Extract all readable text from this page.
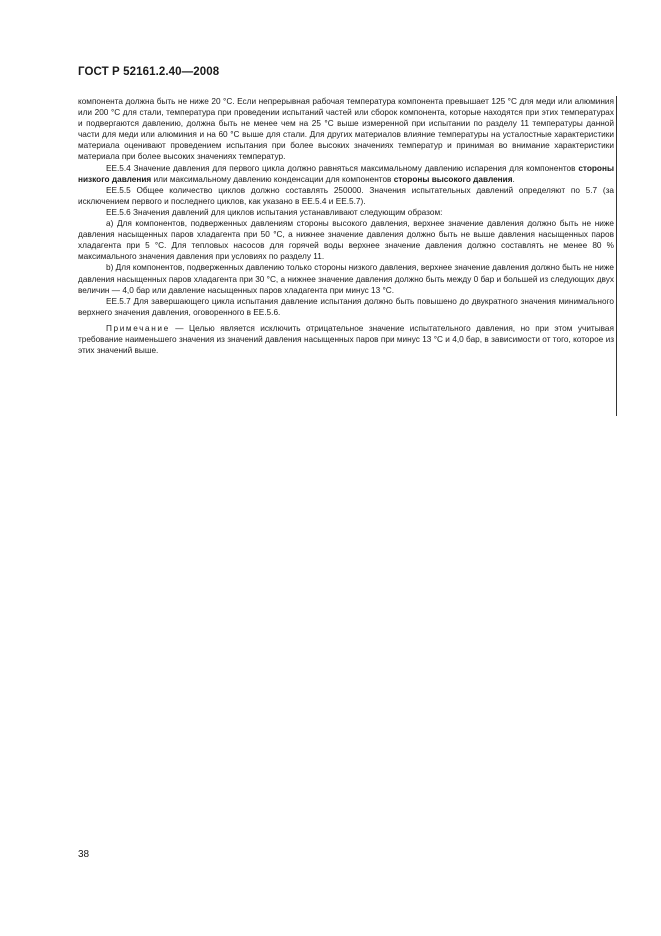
ГОСТ Р 52161.2.40—2008

компонента должна быть не ниже 20 °С. Если непрерывная рабочая температура компонента превышает 125 °С для меди или алюминия или 200 °С для стали, температура при проведении испытаний частей или сборок компонента, которые находятся при этих температурах и подвергаются давлению, должна быть не менее чем на 25 °С выше измеренной при испытании по разделу 11 температуры данной части для меди или алюминия и на 60 °С выше для стали. Для других материалов влияние температуры на усталостные характеристики материала оценивают проведением испытания при более высоких значениях температур и принимая во внимание характеристики материала при более высоких значениях температур.

ЕЕ.5.4 Значение давления для первого цикла должно равняться максимальному давлению испарения для компонентов стороны низкого давления или максимальному давлению конденсации для компонентов стороны высокого давления.

ЕЕ.5.5 Общее количество циклов должно составлять 250000. Значения испытательных давлений определяют по 5.7 (за исключением первого и последнего циклов, как указано в ЕЕ.5.4 и ЕЕ.5.7).

ЕЕ.5.6 Значения давлений для циклов испытания устанавливают следующим образом:

а) Для компонентов, подверженных давлениям стороны высокого давления, верхнее значение давления должно быть не ниже давления насыщенных паров хладагента при 50 °С, а нижнее значение давления должно быть не выше давления насыщенных паров хладагента при 5 °С. Для тепловых насосов для горячей воды верхнее значение давления должно составлять не менее 80 % максимального значения давления при условиях по разделу 11.

b) Для компонентов, подверженных давлению только стороны низкого давления, верхнее значение давления должно быть не ниже давления насыщенных паров хладагента при 30 °С, а нижнее значение давления должно быть между 0 бар и большей из следующих двух величин — 4,0 бар или давление насыщенных паров хладагента при минус 13 °С.

ЕЕ.5.7 Для завершающего цикла испытания давление испытания должно быть повышено до двукратного значения минимального верхнего значения давления, оговоренного в ЕЕ.5.6.

Примечание — Целью является исключить отрицательное значение испытательного давления, но при этом учитывая требование наименьшего значения из значений давления насыщенных паров при минус 13 °С и 4,0 бар, в зависимости от того, которое из этих значений выше.

38
